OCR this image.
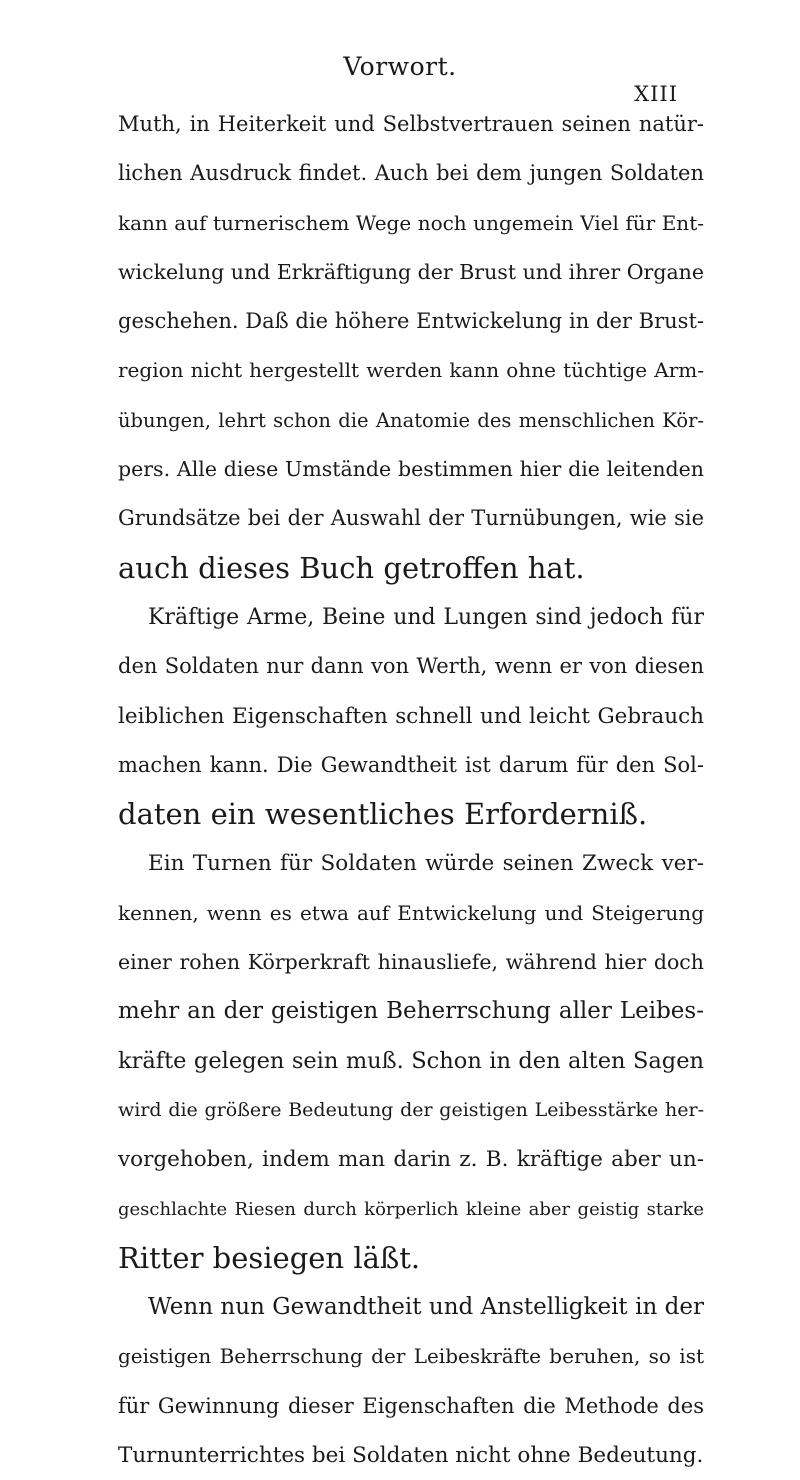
Vorwort.
XIII
Muth, in Heiterkeit und Selbstvertrauen seinen natür-
lichen Ausdruck findet. Auch bei dem jungen Soldaten
kann auf turnerischem Wege noch ungemein Viel für Ent-
wickelung und Erkräftigung der Brust und ihrer Organe
geschehen. Daß die höhere Entwickelung in der Brust-
region nicht hergestellt werden kann ohne tüchtige Arm-
übungen, lehrt schon die Anatomie des menschlichen Kör-
pers. Alle diese Umstände bestimmen hier die leitenden
Grundsätze bei der Auswahl der Turnübungen, wie sie
auch dieses Buch getroffen hat.
Kräftige Arme, Beine und Lungen sind jedoch für
den Soldaten nur dann von Werth, wenn er von diesen
leiblichen Eigenschaften schnell und leicht Gebrauch
machen kann. Die Gewandtheit ist darum für den Sol-
daten ein wesentliches Erforderniß.
Ein Turnen für Soldaten würde seinen Zweck ver-
kennen, wenn es etwa auf Entwickelung und Steigerung
einer rohen Körperkraft hinausliefe, während hier doch
mehr an der geistigen Beherrschung aller Leibes-
kräfte gelegen sein muß. Schon in den alten Sagen
wird die größere Bedeutung der geistigen Leibesstärke her-
vorgehoben, indem man darin z. B. kräftige aber un-
geschlachte Riesen durch körperlich kleine aber geistig starke
Ritter besiegen läßt.
Wenn nun Gewandtheit und Anstelligkeit in der
geistigen Beherrschung der Leibeskräfte beruhen, so ist
für Gewinnung dieser Eigenschaften die Methode des
Turnunterrichtes bei Soldaten nicht ohne Bedeutung.
